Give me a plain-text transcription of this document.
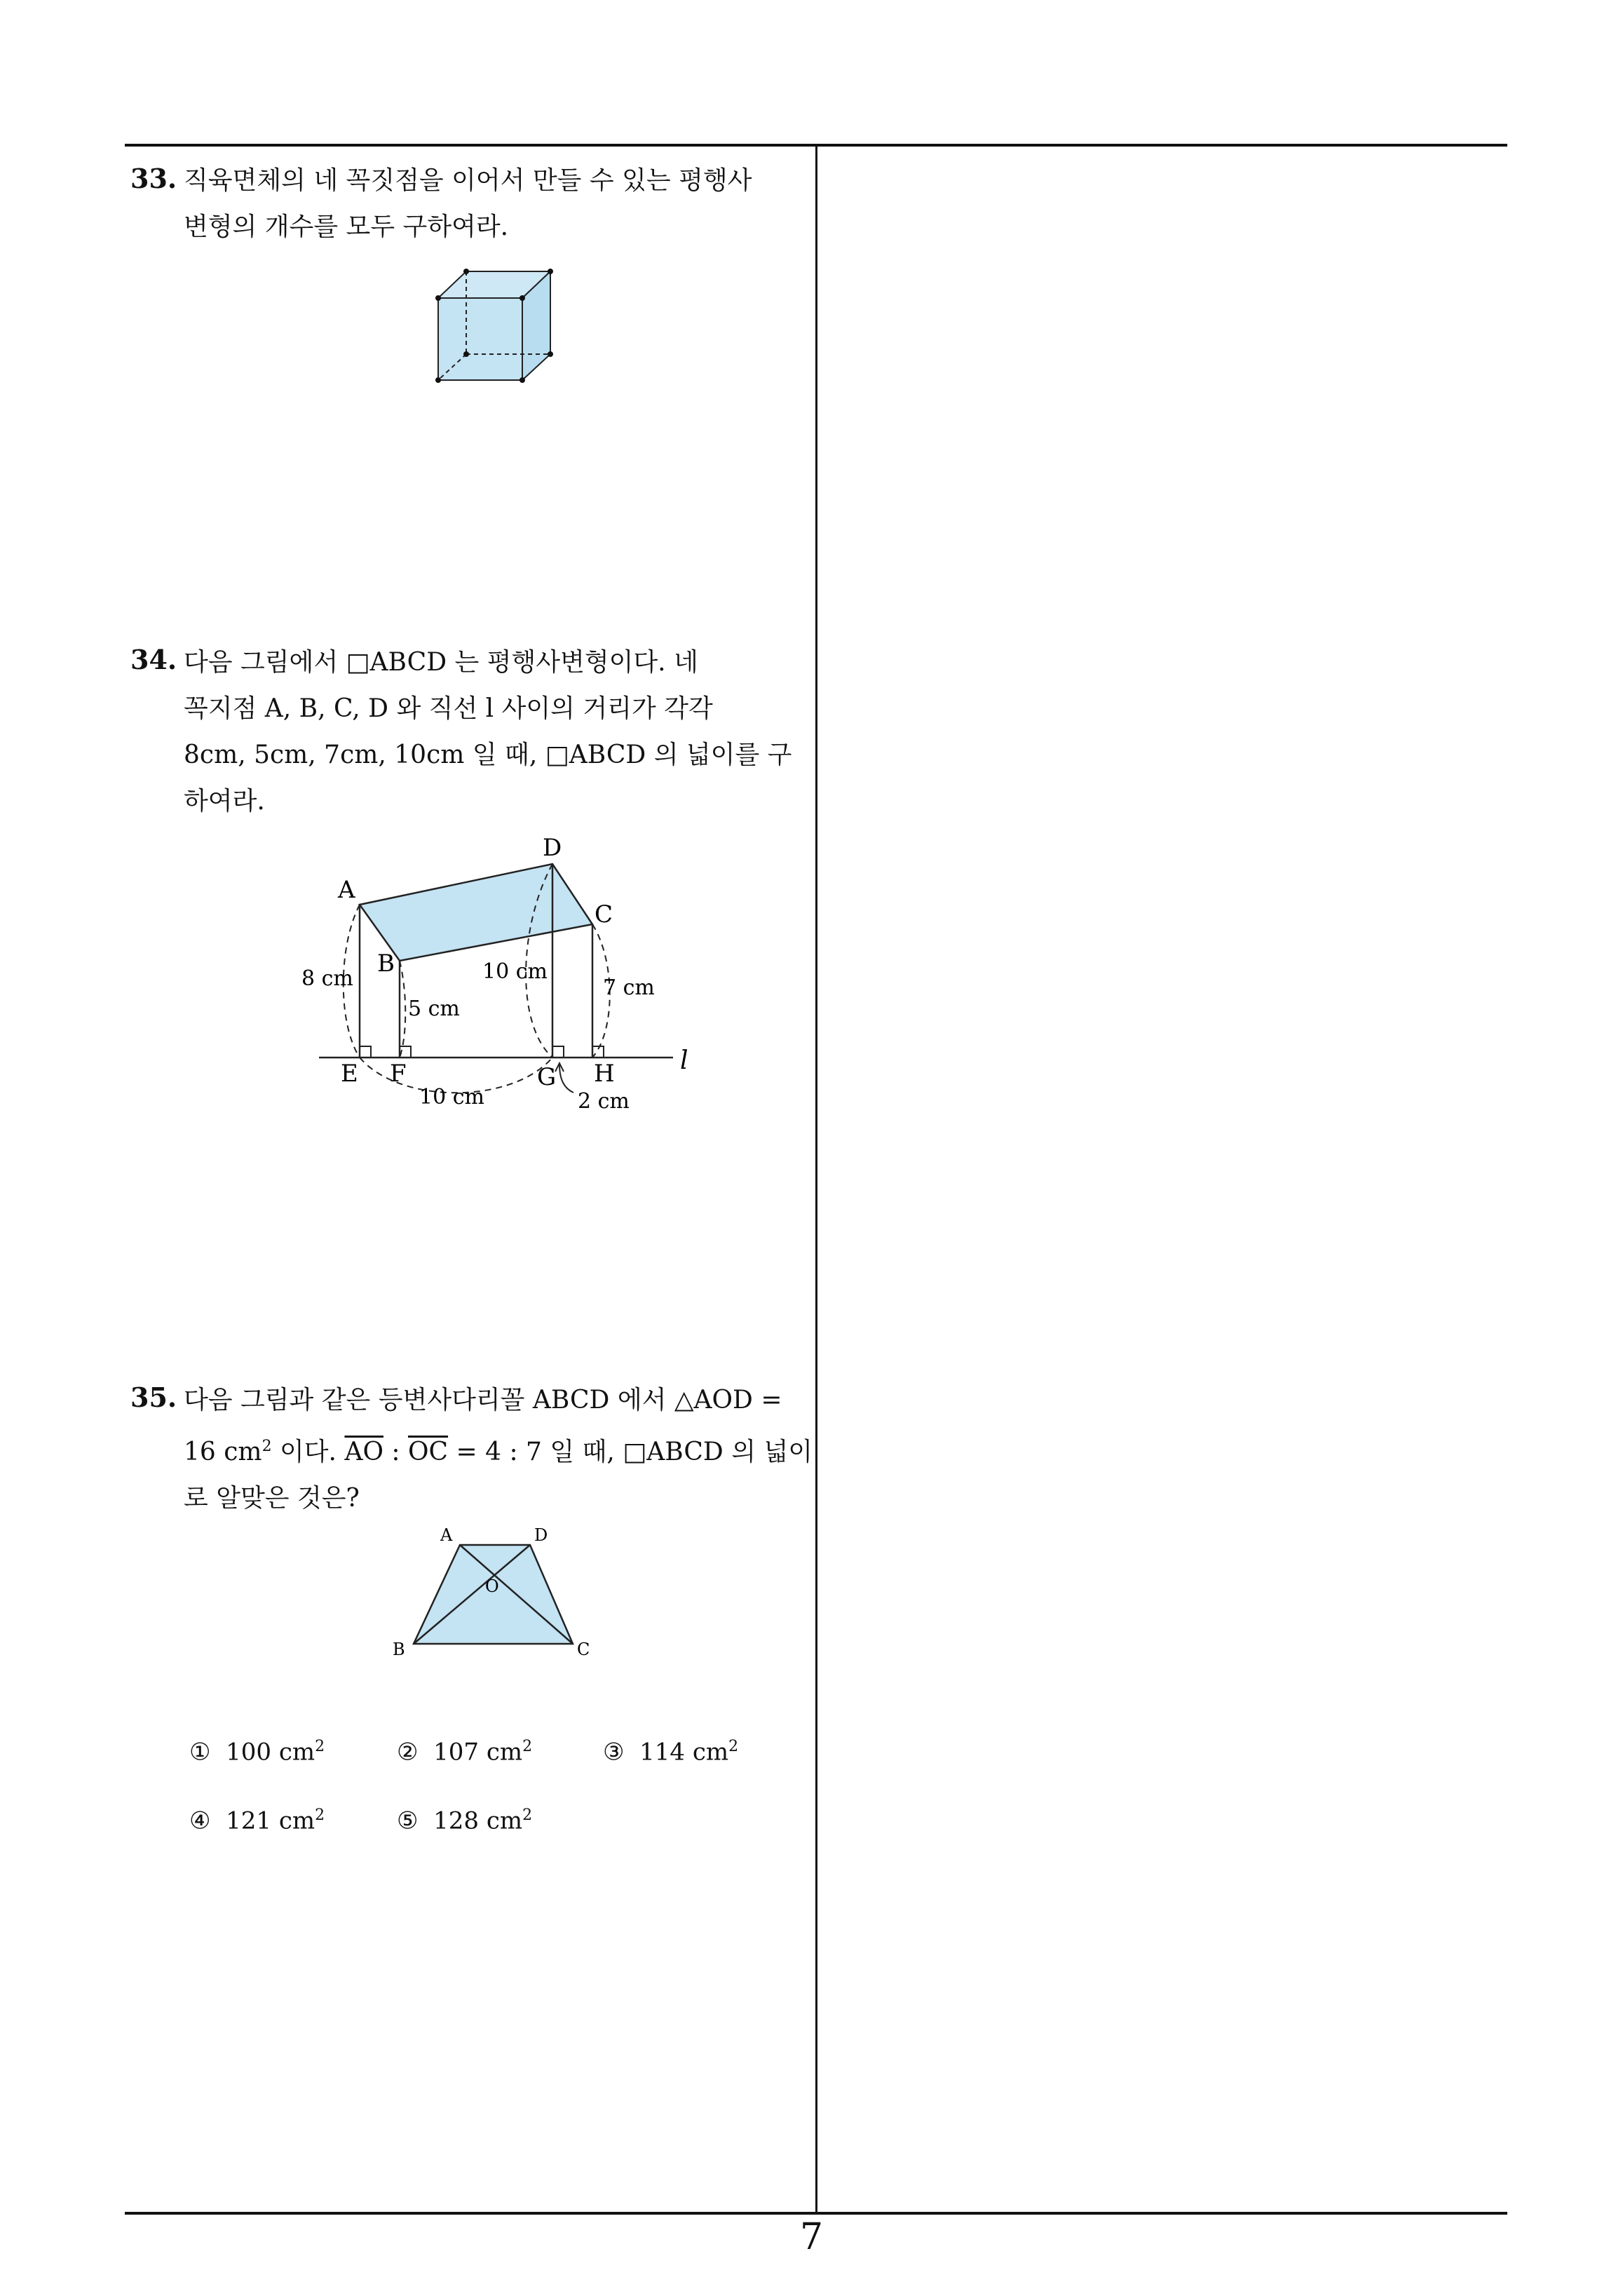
33. 직육면체의 네 꼭짓점을 이어서 만들 수 있는 평행사
변형의 개수를 모두 구하여라.
34. 다음 그림에서 □ABCD 는 평행사변형이다. 네
꼭지점 A, B, C, D 와 직선 l 사이의 거리가 각각
8cm, 5cm, 7cm, 10cm 일 때, □ABCD 의 넓이를 구
하여라.
A
B
C
D
E F	G H	l
8 cm
5 cm
10 cm
7 cm
10 cm	2 cm
35. 다음 그림과 같은 등변사다리꼴 ABCD 에서 △AOD =
16 $cm^2$ 이다. $\overline{AO}$ : $\overline{OC} = 4$ : 7 일 때, □ABCD 의 넓이
로 알맞은 것은?
A	D
O
B	C
① 100 $cm^2$	② 107 $cm^2$	③ 114 $cm^2$
④ 121 $cm^2$	⑤ 128 $cm^2$
7
